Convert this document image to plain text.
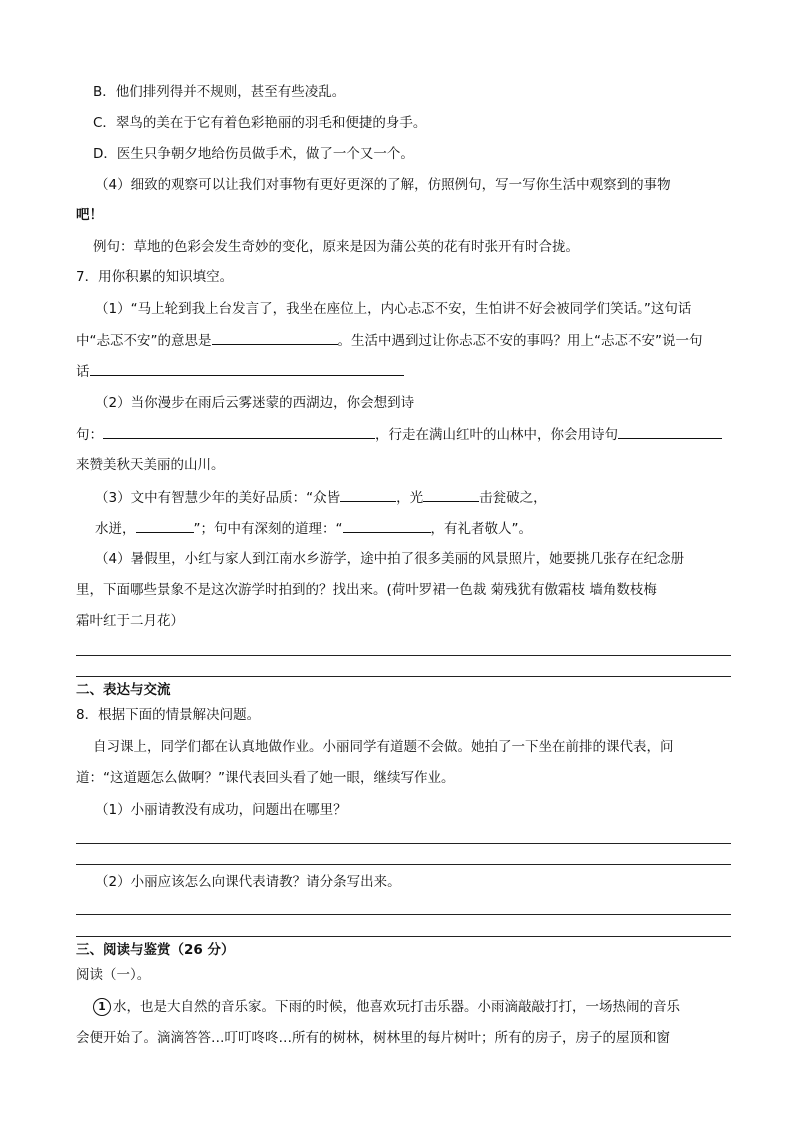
B．他们排列得并不规则，甚至有些凌乱。
C．翠鸟的美在于它有着色彩艳丽的羽毛和便捷的身手。
D．医生只争朝夕地给伤员做手术，做了一个又一个。
（4）细致的观察可以让我们对事物有更好更深的了解，仿照例句，写一写你生活中观察到的事物
吧！
例句：草地的色彩会发生奇妙的变化，原来是因为蒲公英的花有时张开有时合拢。
7．用你积累的知识填空。
（1）“马上轮到我上台发言了，我坐在座位上，内心忐忑不安，生怕讲不好会被同学们笑话。”这句话
中“忐忑不安”的意思是	。生活中遇到过让你忐忑不安的事吗？用上“忐忑不安”说一句
话
（2）当你漫步在雨后云雾迷蒙的西湖边，你会想到诗
句：	，行走在满山红叶的山林中，你会用诗句
来赞美秋天美丽的山川。
（3）文中有智慧少年的美好品质：“众皆	，光	击瓮破之，
水迸，	”；句中有深刻的道理：“	，有礼者敬人”。
（4）暑假里，小红与家人到江南水乡游学，途中拍了很多美丽的风景照片，她要挑几张存在纪念册
里，下面哪些景象不是这次游学时拍到的？找出来。(荷叶罗裙一色裁 菊残犹有傲霜枝 墙角数枝梅
霜叶红于二月花）
二、表达与交流
8．根据下面的情景解决问题。
自习课上，同学们都在认真地做作业。小丽同学有道题不会做。她拍了一下坐在前排的课代表，问
道：“这道题怎么做啊？”课代表回头看了她一眼，继续写作业。
（1）小丽请教没有成功，问题出在哪里？
（2）小丽应该怎么向课代表请教？请分条写出来。
三、阅读与鉴赏（26 分）
阅读（一）。
1 水，也是大自然的音乐家。下雨的时候，他喜欢玩打击乐器。小雨滴敲敲打打，一场热闹的音乐
会便开始了。滴滴答答…叮叮咚咚…所有的树林，树林里的每片树叶；所有的房子，房子的屋顶和窗
